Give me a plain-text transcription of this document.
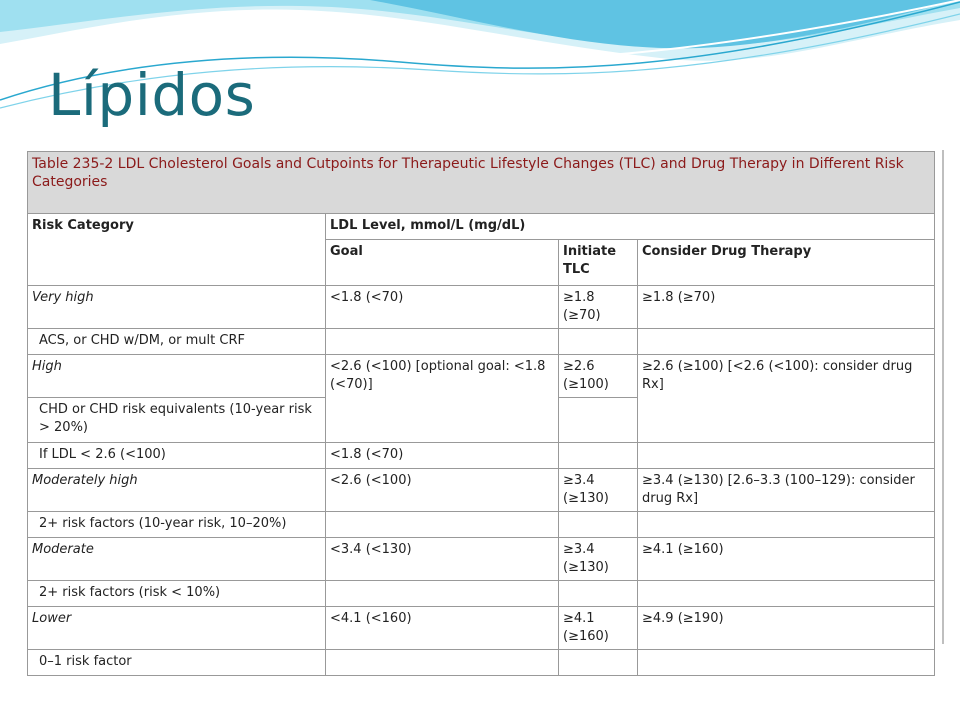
Lípidos
Table 235-2 LDL Cholesterol Goals and Cutpoints for Therapeutic Lifestyle Changes (TLC) and Drug Therapy in Different Risk Categories			
Risk Category	LDL Level, mmol/L (mg/dL)		
	Goal	Initiate TLC	Consider Drug Therapy
Very high	<1.8 (<70)	≥1.8 (≥70)	≥1.8 (≥70)
ACS, or CHD w/DM, or mult CRF			
High	<2.6 (<100) [optional goal: <1.8 (<70)]	≥2.6 (≥100)	≥2.6 (≥100) [<2.6 (<100): consider drug Rx]
CHD or CHD risk equivalents (10-year risk > 20%)			
If LDL < 2.6 (<100)	<1.8 (<70)		
Moderately high	<2.6 (<100)	≥3.4 (≥130)	≥3.4 (≥130) [2.6–3.3 (100–129): consider drug Rx]
2+ risk factors (10-year risk, 10–20%)			
Moderate	<3.4 (<130)	≥3.4 (≥130)	≥4.1 (≥160)
2+ risk factors (risk < 10%)			
Lower	<4.1 (<160)	≥4.1 (≥160)	≥4.9 (≥190)
0–1 risk factor			
